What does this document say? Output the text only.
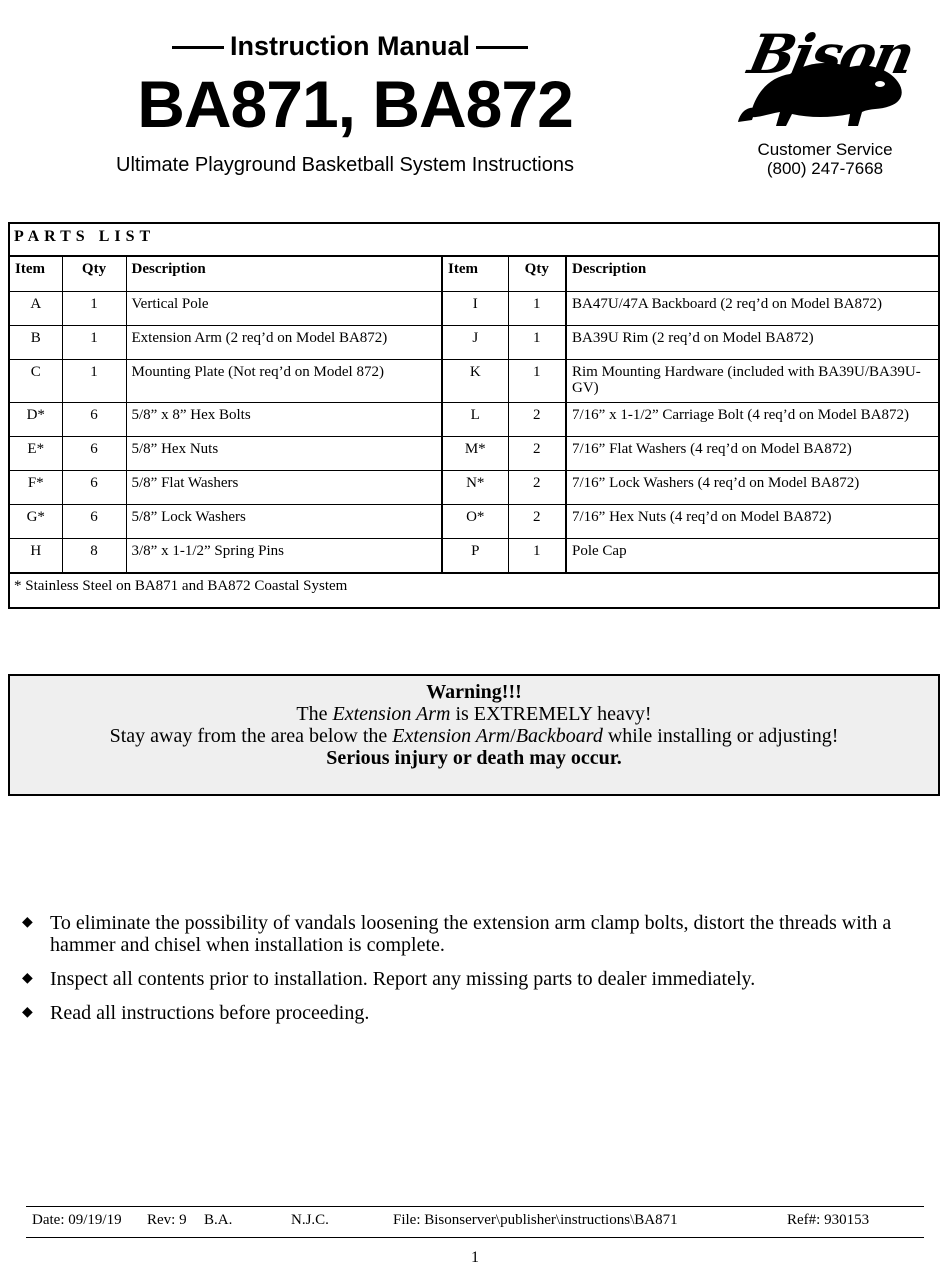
Instruction Manual
BA871, BA872
Ultimate Playground Basketball System Instructions
Bison
Customer Service
(800) 247-7668
PARTS LIST
Item	Qty	Description	Item	Qty	Description
A	1	Vertical Pole	I	1	BA47U/47A Backboard (2 req’d on Model BA872)
B	1	Extension Arm (2 req’d on Model BA872)	J	1	BA39U Rim (2 req’d on Model BA872)
C	1	Mounting Plate (Not req’d on Model 872)	K	1	Rim Mounting Hardware (included with BA39U/BA39U-GV)
D*	6	5/8” x 8” Hex Bolts	L	2	7/16” x 1-1/2” Carriage Bolt (4 req’d on Model BA872)
E*	6	5/8” Hex Nuts	M*	2	7/16” Flat Washers (4 req’d on Model BA872)
F*	6	5/8” Flat Washers	N*	2	7/16” Lock Washers (4 req’d on Model BA872)
G*	6	5/8” Lock Washers	O*	2	7/16” Hex Nuts (4 req’d on Model BA872)
H	8	3/8” x 1-1/2” Spring Pins	P	1	Pole Cap
* Stainless Steel on BA871 and BA872 Coastal System
Warning!!!
The Extension Arm is EXTREMELY heavy!
Stay away from the area below the Extension Arm/Backboard while installing or adjusting!
Serious injury or death may occur.
◆ To eliminate the possibility of vandals loosening the extension arm clamp bolts, distort the threads with a hammer and chisel when installation is complete.
◆ Inspect all contents prior to installation. Report any missing parts to dealer immediately.
◆ Read all instructions before proceeding.
Date: 09/19/19 Rev: 9 B.A.	N.J.C.	File: Bisonserver\publisher\instructions\BA871	Ref#: 930153
1
